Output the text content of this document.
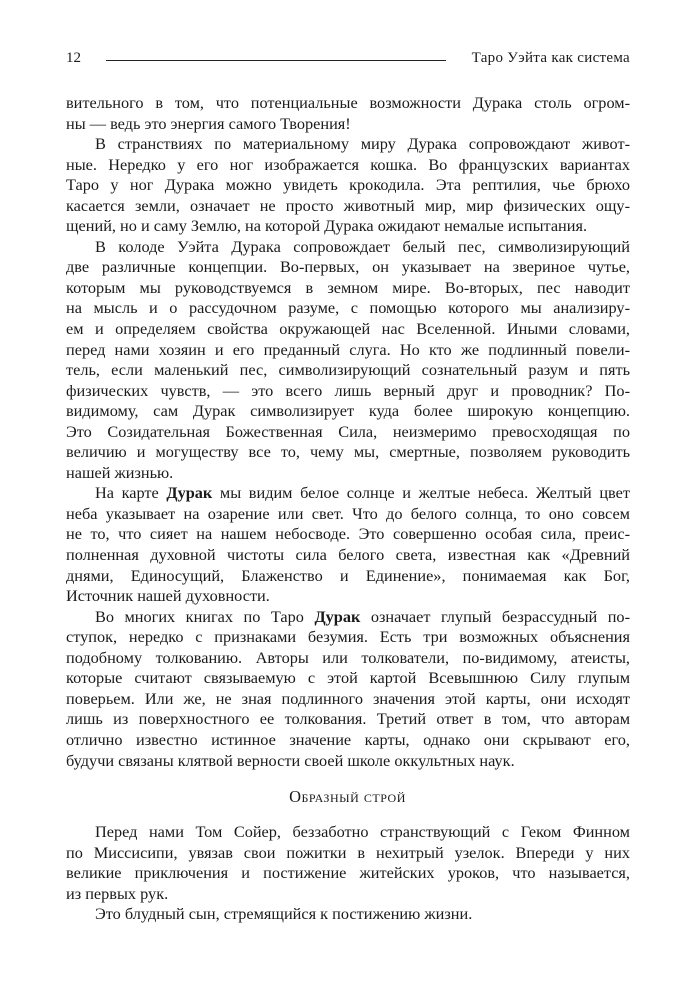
12	Таро Уэйта как система
вительного в том, что потенциальные возможности Дурака столь огром-
ны — ведь это энергия самого Творения!
В странствиях по материальному миру Дурака сопровождают живот-
ные. Нередко у его ног изображается кошка. Во французских вариантах
Таро у ног Дурака можно увидеть крокодила. Эта рептилия, чье брюхо
касается земли, означает не просто животный мир, мир физических ощу-
щений, но и саму Землю, на которой Дурака ожидают немалые испытания.
В колоде Уэйта Дурака сопровождает белый пес, символизирующий
две различные концепции. Во-первых, он указывает на звериное чутье,
которым мы руководствуемся в земном мире. Во-вторых, пес наводит
на мысль и о рассудочном разуме, с помощью которого мы анализиру-
ем и определяем свойства окружающей нас Вселенной. Иными словами,
перед нами хозяин и его преданный слуга. Но кто же подлинный повели-
тель, если маленький пес, символизирующий сознательный разум и пять
физических чувств, — это всего лишь верный друг и проводник? По-
видимому, сам Дурак символизирует куда более широкую концепцию.
Это Созидательная Божественная Сила, неизмеримо превосходящая по
величию и могуществу все то, чему мы, смертные, позволяем руководить
нашей жизнью.
На карте Дурак мы видим белое солнце и желтые небеса. Желтый цвет
неба указывает на озарение или свет. Что до белого солнца, то оно совсем
не то, что сияет на нашем небосводе. Это совершенно особая сила, преис-
полненная духовной чистоты сила белого света, известная как «Древний
днями, Единосущий, Блаженство и Единение», понимаемая как Бог,
Источник нашей духовности.
Во многих книгах по Таро Дурак означает глупый безрассудный по-
ступок, нередко с признаками безумия. Есть три возможных объяснения
подобному толкованию. Авторы или толкователи, по-видимому, атеисты,
которые считают связываемую с этой картой Всевышнюю Силу глупым
поверьем. Или же, не зная подлинного значения этой карты, они исходят
лишь из поверхностного ее толкования. Третий ответ в том, что авторам
отлично известно истинное значение карты, однако они скрывают его,
будучи связаны клятвой верности своей школе оккультных наук.
Образный строй
Перед нами Том Сойер, беззаботно странствующий с Геком Финном
по Миссисипи, увязав свои пожитки в нехитрый узелок. Впереди у них
великие приключения и постижение житейских уроков, что называется,
из первых рук.
Это блудный сын, стремящийся к постижению жизни.
